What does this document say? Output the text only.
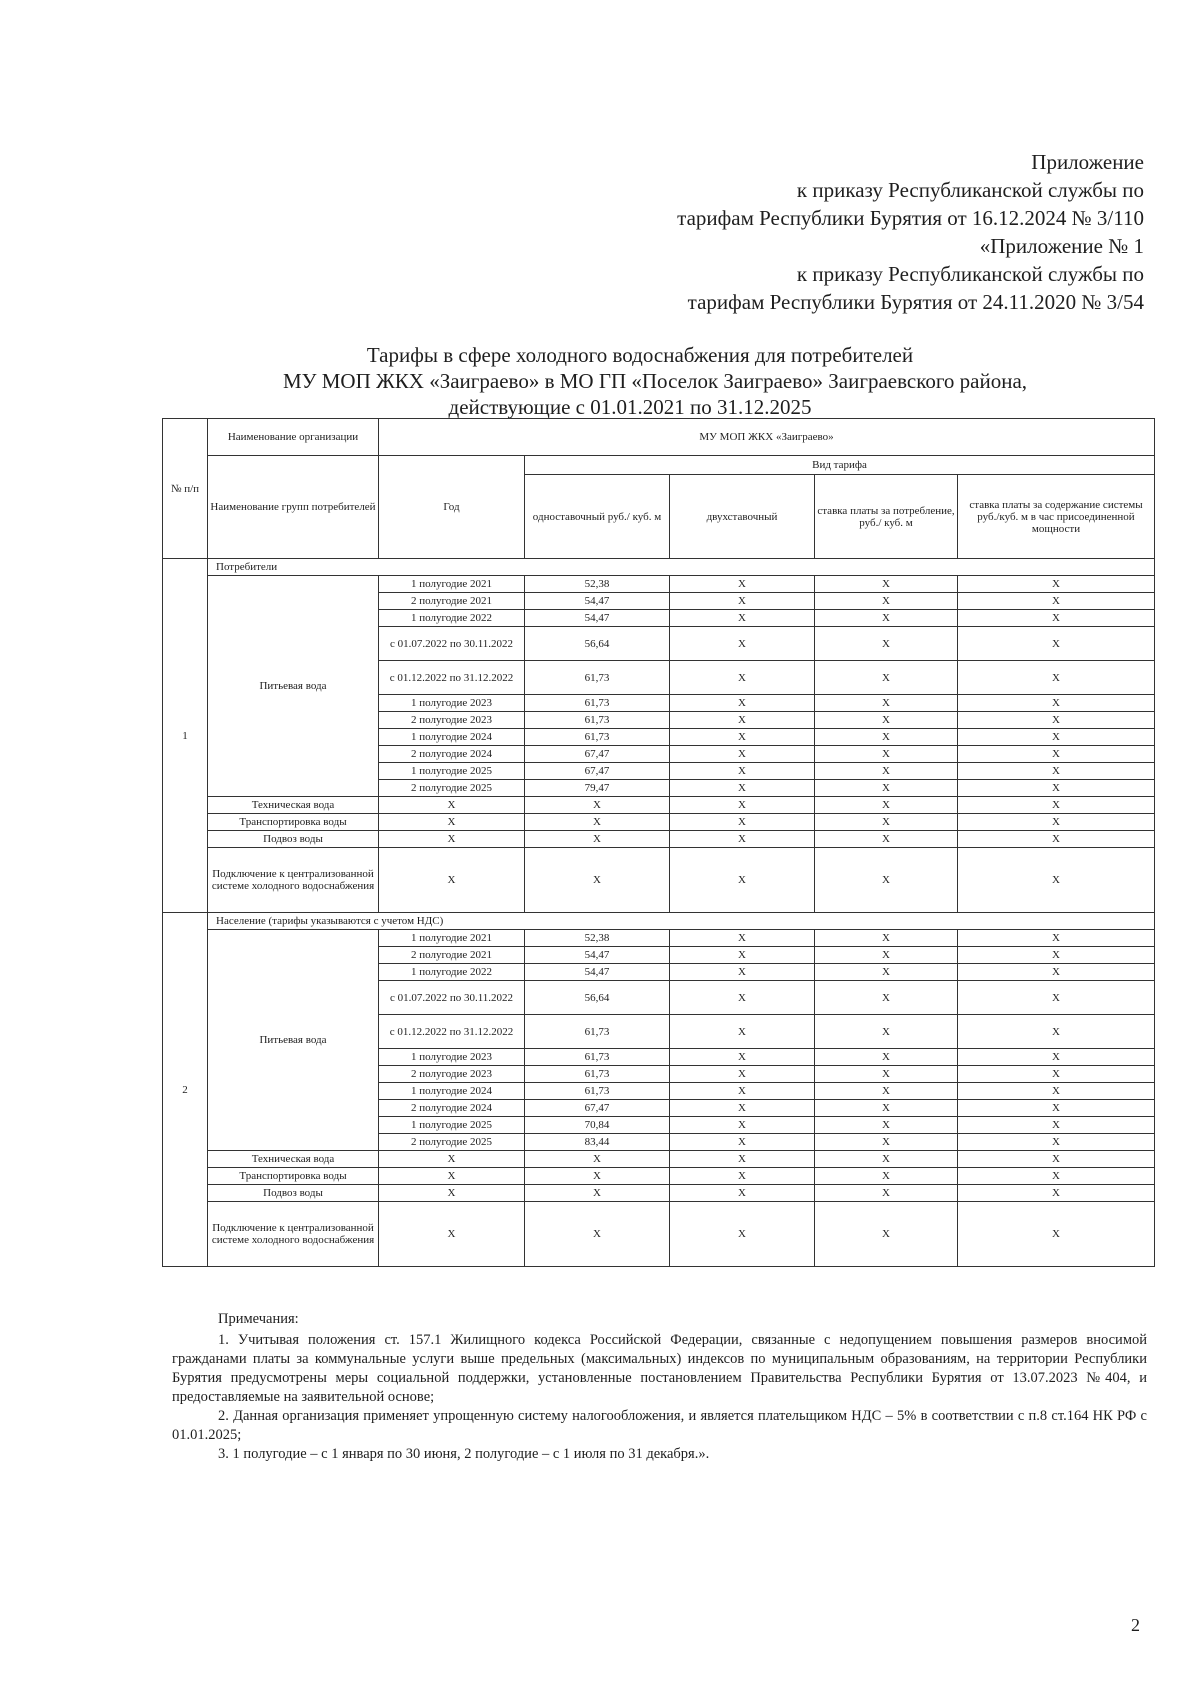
Приложение
к приказу Республиканской службы по
тарифам Республики Бурятия от 16.12.2024 № 3/110
«Приложение № 1
к приказу Республиканской службы по
тарифам Республики Бурятия от 24.11.2020 № 3/54
Тарифы в сфере холодного водоснабжения для потребителей
МУ МОП ЖКХ «Заиграево» в МО ГП «Поселок Заиграево» Заиграевского района,
действующие с 01.01.2021 по 31.12.2025
№ п/п	Наименование организации	МУ МОП ЖКХ «Заиграево»				
	Наименование групп потребителей	Год	Вид тарифа			
			одноставочный руб./ куб. м	двухставочный	ставка платы за потребление, руб./ куб. м	ставка платы за содержание системы руб./куб. м в час присоединенной мощности
1	Потребители					
	Питьевая вода	1 полугодие 2021	52,38	X	X	X
		2 полугодие 2021	54,47	X	X	X
		1 полугодие 2022	54,47	X	X	X
		с 01.07.2022 по 30.11.2022	56,64	X	X	X
		с 01.12.2022 по 31.12.2022	61,73	X	X	X
		1 полугодие 2023	61,73	X	X	X
		2 полугодие 2023	61,73	X	X	X
		1 полугодие 2024	61,73	X	X	X
		2 полугодие 2024	67,47	X	X	X
		1 полугодие 2025	67,47	X	X	X
		2 полугодие 2025	79,47	X	X	X
	Техническая вода	X	X	X	X	X
	Транспортировка воды	X	X	X	X	X
	Подвоз воды	X	X	X	X	X
	Подключение к централизованной системе холодного водоснабжения	X	X	X	X	X
2	Население (тарифы указываются с учетом НДС)					
	Питьевая вода	1 полугодие 2021	52,38	X	X	X
		2 полугодие 2021	54,47	X	X	X
		1 полугодие 2022	54,47	X	X	X
		с 01.07.2022 по 30.11.2022	56,64	X	X	X
		с 01.12.2022 по 31.12.2022	61,73	X	X	X
		1 полугодие 2023	61,73	X	X	X
		2 полугодие 2023	61,73	X	X	X
		1 полугодие 2024	61,73	X	X	X
		2 полугодие 2024	67,47	X	X	X
		1 полугодие 2025	70,84	X	X	X
		2 полугодие 2025	83,44	X	X	X
	Техническая вода	X	X	X	X	X
	Транспортировка воды	X	X	X	X	X
	Подвоз воды	X	X	X	X	X
	Подключение к централизованной системе холодного водоснабжения	X	X	X	X	X
Примечания:

1. Учитывая положения ст. 157.1 Жилищного кодекса Российской Федерации, связанные с недопущением повышения размеров вносимой гражданами платы за коммунальные услуги выше предельных (максимальных) индексов по муниципальным образованиям, на территории Республики Бурятия предусмотрены меры социальной поддержки, установленные постановлением Правительства Республики Бурятия от 13.07.2023 №404, и предоставляемые на заявительной основе;

2. Данная организация применяет упрощенную систему налогообложения, и является плательщиком НДС – 5% в соответствии с п.8 ст.164 НК РФ с 01.01.2025;

3. 1 полугодие – с 1 января по 30 июня, 2 полугодие – с 1 июля по 31 декабря.».

2
